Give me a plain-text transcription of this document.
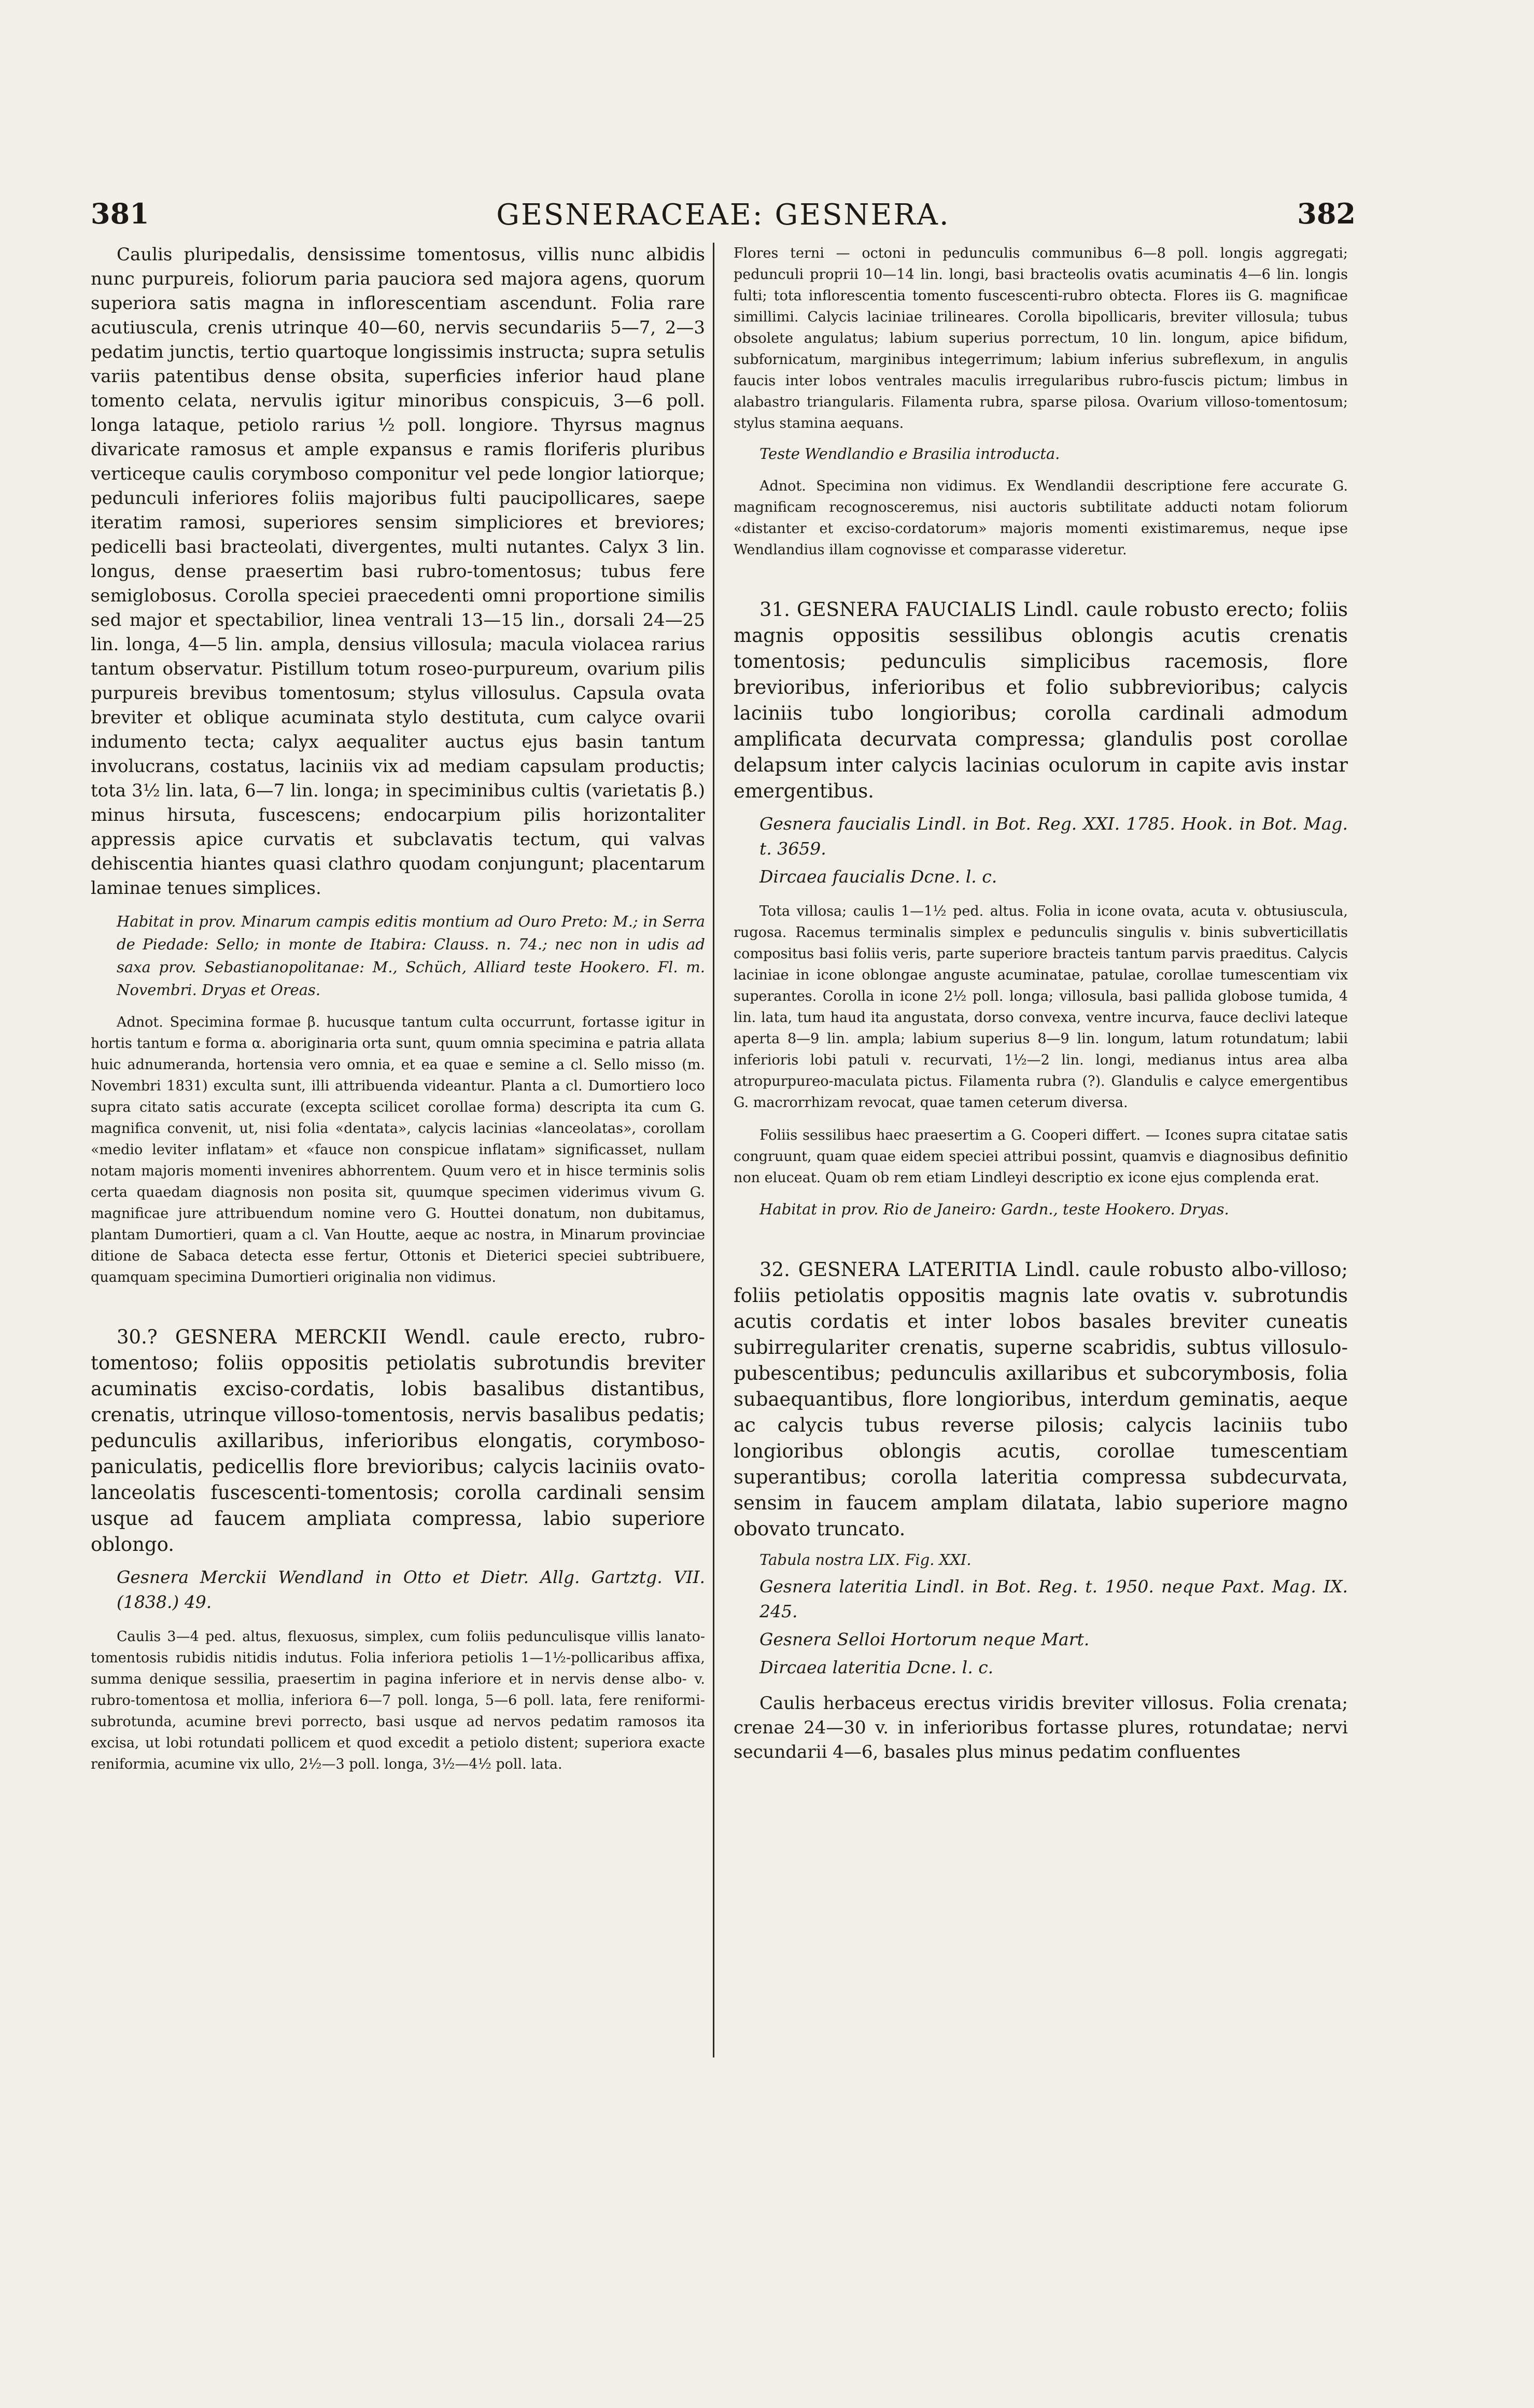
381	GESNERACEAE: GESNERA.	382

Caulis pluripedalis, densissime tomentosus, villis nunc albidis nunc purpureis, foliorum paria pauciora sed majora agens, quorum superiora satis magna in inflorescentiam ascendunt. Folia rare acutiuscula, crenis utrinque 40—60, nervis secundariis 5—7, 2—3 pedatim junctis, tertio quartoque longissimis instructa; supra setulis variis patentibus dense obsita, superficies inferior haud plane tomento celata, nervulis igitur minoribus conspicuis, 3—6 poll. longa lataque, petiolo rarius ½ poll. longiore. Thyrsus magnus divaricate ramosus et ample expansus e ramis floriferis pluribus verticeque caulis corymboso componitur vel pede longior latiorque; pedunculi inferiores foliis majoribus fulti paucipollicares, saepe iteratim ramosi, superiores sensim simpliciores et breviores; pedicelli basi bracteolati, divergentes, multi nutantes. Calyx 3 lin. longus, dense praesertim basi rubro-tomentosus; tubus fere semiglobosus. Corolla speciei praecedenti omni proportione similis sed major et spectabilior, linea ventrali 13—15 lin., dorsali 24—25 lin. longa, 4—5 lin. ampla, densius villosula; macula violacea rarius tantum observatur. Pistillum totum roseo-purpureum, ovarium pilis purpureis brevibus tomentosum; stylus villosulus. Capsula ovata breviter et oblique acuminata stylo destituta, cum calyce ovarii indumento tecta; calyx aequaliter auctus ejus basin tantum involucrans, costatus, laciniis vix ad mediam capsulam productis; tota 3½ lin. lata, 6—7 lin. longa; in speciminibus cultis (varietatis β.) minus hirsuta, fuscescens; endocarpium pilis horizontaliter appressis apice curvatis et subclavatis tectum, qui valvas dehiscentia hiantes quasi clathro quodam conjungunt; placentarum laminae tenues simplices.

Habitat in prov. Minarum campis editis montium ad Ouro Preto: M.; in Serra de Piedade: Sello; in monte de Itabira: Clauss. n. 74.; nec non in udis ad saxa prov. Sebastianopolitanae: M., Schüch, Alliard teste Hookero. Fl. m. Novembri. Dryas et Oreas.

Adnot. Specimina formae β. hucusque tantum culta occurrunt, fortasse igitur in hortis tantum e forma α. aboriginaria orta sunt, quum omnia specimina e patria allata huic adnumeranda, hortensia vero omnia, et ea quae e semine a cl. Sello misso (m. Novembri 1831) exculta sunt, illi attribuenda videantur. Planta a cl. Dumortiero loco supra citato satis accurate (excepta scilicet corollae forma) descripta ita cum G. magnifica convenit, ut, nisi folia «dentata», calycis lacinias «lanceolatas», corollam «medio leviter inflatam» et «fauce non conspicue inflatam» significasset, nullam notam majoris momenti invenires abhorrentem. Quum vero et in hisce terminis solis certa quaedam diagnosis non posita sit, quumque specimen viderimus vivum G. magnificae jure attribuendum nomine vero G. Houttei donatum, non dubitamus, plantam Dumortieri, quam a cl. Van Houtte, aeque ac nostra, in Minarum provinciae ditione de Sabaca detecta esse fertur, Ottonis et Dieterici speciei subtribuere, quamquam specimina Dumortieri originalia non vidimus.

30.? GESNERA MERCKII Wendl. caule erecto, rubro-tomentoso; foliis oppositis petiolatis subrotundis breviter acuminatis exciso-cordatis, lobis basalibus distantibus, crenatis, utrinque villoso-tomentosis, nervis basalibus pedatis; pedunculis axillaribus, inferioribus elongatis, corymboso-paniculatis, pedicellis flore breviorіbus; calycis laciniis ovato-lanceolatis fuscescenti-tomentosis; corolla cardinali sensim usque ad faucem ampliata compressa, labio superiore oblongo.

Gesnera Merckii Wendland in Otto et Dietr. Allg. Gartztg. VII. (1838.) 49.

Caulis 3—4 ped. altus, flexuosus, simplex, cum foliis pedunculisque villis lanato-tomentosis rubidis nitidis indutus. Folia inferiora petiolis 1—1½-pollicaribus affixa, summa denique sessilia, praesertim in pagina inferiore et in nervis dense albo- v. rubro-tomentosa et mollia, inferiora 6—7 poll. longa, 5—6 poll. lata, fere reniformi-subrotunda, acumine brevi porrecto, basi usque ad nervos pedatim ramosos ita excisa, ut lobi rotundati pollicem et quod excedit a petiolo distent; superiora exacte reniformia, acumine vix ullo, 2½—3 poll. longa, 3½—4½ poll. lata.

Flores terni — octoni in pedunculis communibus 6—8 poll. longis aggregati; pedunculi proprii 10—14 lin. longi, basi bracteolis ovatis acuminatis 4—6 lin. longis fulti; tota inflorescentia tomento fuscescenti-rubro obtecta. Flores iis G. magnificae simillimi. Calycis laciniae trilineares. Corolla bipollicaris, breviter villosula; tubus obsolete angulatus; labium superius porrectum, 10 lin. longum, apice bifidum, subfornicatum, marginibus integerrimum; labium inferius subreflexum, in angulis faucis inter lobos ventrales maculis irregularibus rubro-fuscis pictum; limbus in alabastro triangularis. Filamenta rubra, sparse pilosa. Ovarium villoso-tomentosum; stylus stamina aequans.

Teste Wendlandio e Brasilia introducta.

Adnot. Specimina non vidimus. Ex Wendlandii descriptione fere accurate G. magnificam recognosceremus, nisi auctoris subtilitate adducti notam foliorum «distanter et exciso-cordatorum» majoris momenti existimaremus, neque ipse Wendlandius illam cognovisse et comparasse videretur.

31. GESNERA FAUCIALIS Lindl. caule robusto erecto; foliis magnis oppositis sessilibus oblongis acutis crenatis tomentosis; pedunculis simplicibus racemosis, flore brevioribus, inferioribus et folio subbrevioribus; calycis laciniis tubo longioribus; corolla cardinali admodum amplificata decurvata compressa; glandulis post corollae delapsum inter calycis lacinias oculorum in capite avis instar emergentibus.

Gesnera faucialis Lindl. in Bot. Reg. XXI. 1785. Hook. in Bot. Mag. t. 3659.

Dircaea faucialis Dcne. l. c.

Tota villosa; caulis 1—1½ ped. altus. Folia in icone ovata, acuta v. obtusiuscula, rugosa. Racemus terminalis simplex e pedunculis singulis v. binis subverticillatis compositus basi foliis veris, parte superiore bracteis tantum parvis praeditus. Calycis laciniae in icone oblongae anguste acuminatae, patulae, corollae tumescentiam vix superantes. Corolla in icone 2½ poll. longa; villosula, basi pallida globose tumida, 4 lin. lata, tum haud ita angustata, dorso convexa, ventre incurva, fauce declivi lateque aperta 8—9 lin. ampla; labium superius 8—9 lin. longum, latum rotundatum; labii inferioris lobi patuli v. recurvati, 1½—2 lin. longi, medianus intus area alba atropurpureo-maculata pictus. Filamenta rubra (?). Glandulis e calyce emergentibus G. macrorrhizam revocat, quae tamen ceterum diversa.

Foliis sessilibus haec praesertim a G. Cooperi differt. — Icones supra citatae satis congruunt, quam quae eidem speciei attribui possint, quamvis e diagnosibus definitio non eluceat. Quam ob rem etiam Lindleyi descriptio ex icone ejus complenda erat.

Habitat in prov. Rio de Janeiro: Gardn., teste Hookero. Dryas.

32. GESNERA LATERITIA Lindl. caule robusto albo-villoso; foliis petiolatis oppositis magnis late ovatis v. subrotundis acutis cordatis et inter lobos basales breviter cuneatis subirregulariter crenatis, superne scabridis, subtus villosulo-pubescentibus; pedunculis axillaribus et subcorymbosis, folia subaequantibus, flore longioribus, interdum geminatis, aeque ac calycis tubus reverse pilosis; calycis laciniis tubo longioribus oblongis acutis, corollae tumescentiam superantibus; corolla lateritia compressa subdecurvata, sensim in faucem amplam dilatata, labio superiore magno obovato truncato.

Tabula nostra LIX. Fig. XXI.

Gesnera lateritia Lindl. in Bot. Reg. t. 1950. neque Paxt. Mag. IX. 245.

Gesnera Selloi Hortorum neque Mart.

Dircaea lateritia Dcne. l. c.

Caulis herbaceus erectus viridis breviter villosus. Folia crenata; crenae 24—30 v. in inferioribus fortasse plures, rotundatae; nervi secundarii 4—6, basales plus minus pedatim confluentes
